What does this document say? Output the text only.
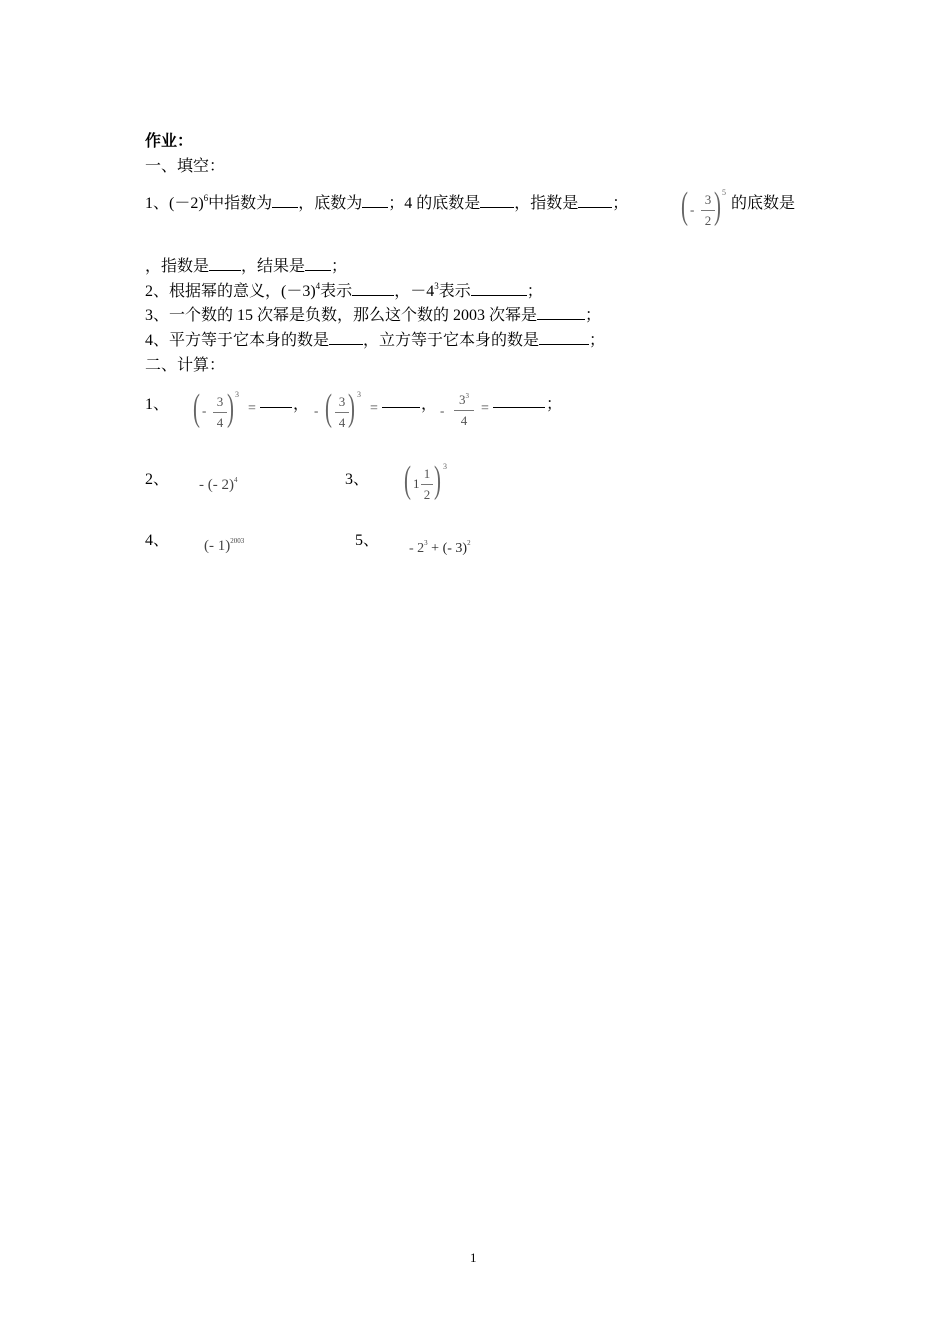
作业：
一、填空：
1、$(-2)^6$中指数为 ，底数为 ；4 的底数是 ，指数是 ； ( -
3
2 ) 5
的底数是
，指数是 ，结果是 ；
2、根据幂的意义，$(-3)^4$表示	，$-4^3$表示	；
3、一个数的 15 次幂是负数，那么这个数的 2003 次幂是	；
4、平方等于它本身的数是 ，立方等于它本身的数是	；
二、计算：
1、 ( -
3
4 ) 3
= ， - ( 3
4 ) 3
=	， -
$3^3$
4
=	；
2、 - (- 2)$^4$	3、 ( 1
1
2 ) 3
4、 (- 1)$^{2003}$	5、 - $2^3$ + (- 3)$^2$
1
